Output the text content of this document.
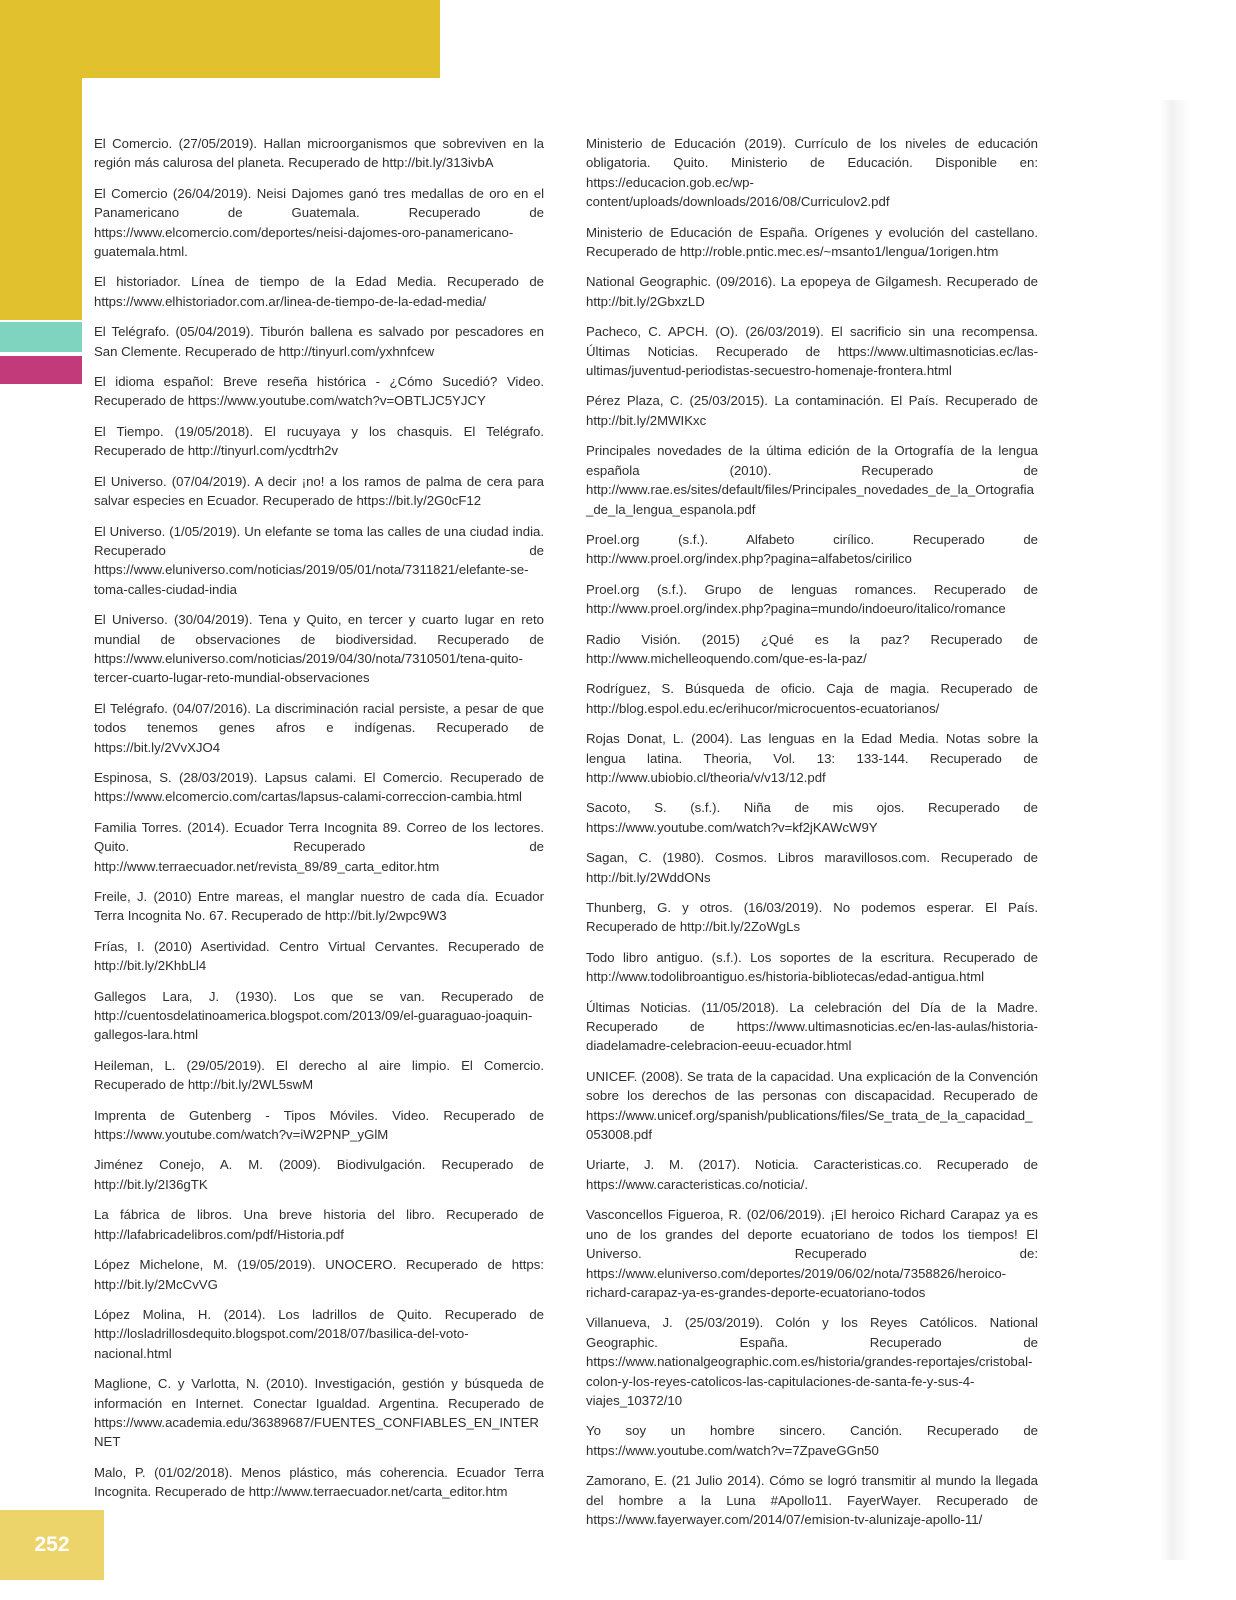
El Comercio. (27/05/2019). Hallan microorganismos que sobreviven en la región más calurosa del planeta. Recuperado de http://bit.ly/313ivbA

El Comercio (26/04/2019). Neisi Dajomes ganó tres medallas de oro en el Panamericano de Guatemala. Recuperado de https://www.elcomercio.com/deportes/neisi-dajomes-oro-panamericano-guatemala.html.

El historiador. Línea de tiempo de la Edad Media. Recuperado de https://www.elhistoriador.com.ar/linea-de-tiempo-de-la-edad-media/

El Telégrafo. (05/04/2019). Tiburón ballena es salvado por pescadores en San Clemente. Recuperado de http://tinyurl.com/yxhnfcew

El idioma español: Breve reseña histórica - ¿Cómo Sucedió? Video. Recuperado de https://www.youtube.com/watch?v=OBTLJC5YJCY

El Tiempo. (19/05/2018). El rucuyaya y los chasquis. El Telégrafo. Recuperado de http://tinyurl.com/ycdtrh2v

El Universo. (07/04/2019). A decir ¡no! a los ramos de palma de cera para salvar especies en Ecuador. Recuperado de https://bit.ly/2G0cF12

El Universo. (1/05/2019). Un elefante se toma las calles de una ciudad india. Recuperado de https://www.eluniverso.com/noticias/2019/05/01/nota/7311821/elefante-se-toma-calles-ciudad-india

El Universo. (30/04/2019). Tena y Quito, en tercer y cuarto lugar en reto mundial de observaciones de biodiversidad. Recuperado de https://www.eluniverso.com/noticias/2019/04/30/nota/7310501/tena-quito-tercer-cuarto-lugar-reto-mundial-observaciones

El Telégrafo. (04/07/2016). La discriminación racial persiste, a pesar de que todos tenemos genes afros e indígenas. Recuperado de https://bit.ly/2VvXJO4

Espinosa, S. (28/03/2019). Lapsus calami. El Comercio. Recuperado de https://www.elcomercio.com/cartas/lapsus-calami-correccion-cambia.html

Familia Torres. (2014). Ecuador Terra Incognita 89. Correo de los lectores. Quito. Recuperado de http://www.terraecuador.net/revista_89/89_carta_editor.htm

Freile, J. (2010) Entre mareas, el manglar nuestro de cada día. Ecuador Terra Incognita No. 67. Recuperado de http://bit.ly/2wpc9W3

Frías, I. (2010) Asertividad. Centro Virtual Cervantes. Recuperado de http://bit.ly/2KhbLl4

Gallegos Lara, J. (1930). Los que se van. Recuperado de http://cuentosdelatinoamerica.blogspot.com/2013/09/el-guaraguao-joaquin-gallegos-lara.html

Heileman, L. (29/05/2019). El derecho al aire limpio. El Comercio. Recuperado de http://bit.ly/2WL5swM

Imprenta de Gutenberg - Tipos Móviles. Video. Recuperado de https://www.youtube.com/watch?v=iW2PNP_yGlM

Jiménez Conejo, A. M. (2009). Biodivulgación. Recuperado de http://bit.ly/2I36gTK

La fábrica de libros. Una breve historia del libro. Recuperado de http://lafabricadelibros.com/pdf/Historia.pdf

López Michelone, M. (19/05/2019). UNOCERO. Recuperado de https: http://bit.ly/2McCvVG

López Molina, H. (2014). Los ladrillos de Quito. Recuperado de http://losladrillosdequito.blogspot.com/2018/07/basilica-del-voto-nacional.html

Maglione, C. y Varlotta, N. (2010). Investigación, gestión y búsqueda de información en Internet. Conectar Igualdad. Argentina. Recuperado de https://www.academia.edu/36389687/FUENTES_CONFIABLES_EN_INTERNET

Malo, P. (01/02/2018). Menos plástico, más coherencia. Ecuador Terra Incognita. Recuperado de http://www.terraecuador.net/carta_editor.htm

Ministerio de Educación (2019). Currículo de los niveles de educación obligatoria. Quito. Ministerio de Educación. Disponible en: https://educacion.gob.ec/wp-content/uploads/downloads/2016/08/Curriculov2.pdf

Ministerio de Educación de España. Orígenes y evolución del castellano. Recuperado de http://roble.pntic.mec.es/~msanto1/lengua/1origen.htm

National Geographic. (09/2016). La epopeya de Gilgamesh. Recuperado de http://bit.ly/2GbxzLD

Pacheco, C. APCH. (O). (26/03/2019). El sacrificio sin una recompensa. Últimas Noticias. Recuperado de https://www.ultimasnoticias.ec/las-ultimas/juventud-periodistas-secuestro-homenaje-frontera.html

Pérez Plaza, C. (25/03/2015). La contaminación. El País. Recuperado de http://bit.ly/2MWIKxc

Principales novedades de la última edición de la Ortografía de la lengua española (2010). Recuperado de http://www.rae.es/sites/default/files/Principales_novedades_de_la_Ortografia_de_la_lengua_espanola.pdf

Proel.org (s.f.). Alfabeto cirílico. Recuperado de http://www.proel.org/index.php?pagina=alfabetos/cirilico

Proel.org (s.f.). Grupo de lenguas romances. Recuperado de http://www.proel.org/index.php?pagina=mundo/indoeuro/italico/romance

Radio Visión. (2015) ¿Qué es la paz? Recuperado de http://www.michelleoquendo.com/que-es-la-paz/

Rodríguez, S. Búsqueda de oficio. Caja de magia. Recuperado de http://blog.espol.edu.ec/erihucor/microcuentos-ecuatorianos/

Rojas Donat, L. (2004). Las lenguas en la Edad Media. Notas sobre la lengua latina. Theoria, Vol. 13: 133-144. Recuperado de http://www.ubiobio.cl/theoria/v/v13/12.pdf

Sacoto, S. (s.f.). Niña de mis ojos. Recuperado de https://www.youtube.com/watch?v=kf2jKAWcW9Y

Sagan, C. (1980). Cosmos. Libros maravillosos.com. Recuperado de http://bit.ly/2WddONs

Thunberg, G. y otros. (16/03/2019). No podemos esperar. El País. Recuperado de http://bit.ly/2ZoWgLs

Todo libro antiguo. (s.f.). Los soportes de la escritura. Recuperado de http://www.todolibroantiguo.es/historia-bibliotecas/edad-antigua.html

Últimas Noticias. (11/05/2018). La celebración del Día de la Madre. Recuperado de https://www.ultimasnoticias.ec/en-las-aulas/historia-diadelamadre-celebracion-eeuu-ecuador.html

UNICEF. (2008). Se trata de la capacidad. Una explicación de la Convención sobre los derechos de las personas con discapacidad. Recuperado de https://www.unicef.org/spanish/publications/files/Se_trata_de_la_capacidad_053008.pdf

Uriarte, J. M. (2017). Noticia. Caracteristicas.co. Recuperado de https://www.caracteristicas.co/noticia/.

Vasconcellos Figueroa, R. (02/06/2019). ¡El heroico Richard Carapaz ya es uno de los grandes del deporte ecuatoriano de todos los tiempos! El Universo. Recuperado de: https://www.eluniverso.com/deportes/2019/06/02/nota/7358826/heroico-richard-carapaz-ya-es-grandes-deporte-ecuatoriano-todos

Villanueva, J. (25/03/2019). Colón y los Reyes Católicos. National Geographic. España. Recuperado de https://www.nationalgeographic.com.es/historia/grandes-reportajes/cristobal-colon-y-los-reyes-catolicos-las-capitulaciones-de-santa-fe-y-sus-4-viajes_10372/10

Yo soy un hombre sincero. Canción. Recuperado de https://www.youtube.com/watch?v=7ZpaveGGn50

Zamorano, E. (21 Julio 2014). Cómo se logró transmitir al mundo la llegada del hombre a la Luna #Apollo11. FayerWayer. Recuperado de https://www.fayerwayer.com/2014/07/emision-tv-alunizaje-apollo-11/

252
